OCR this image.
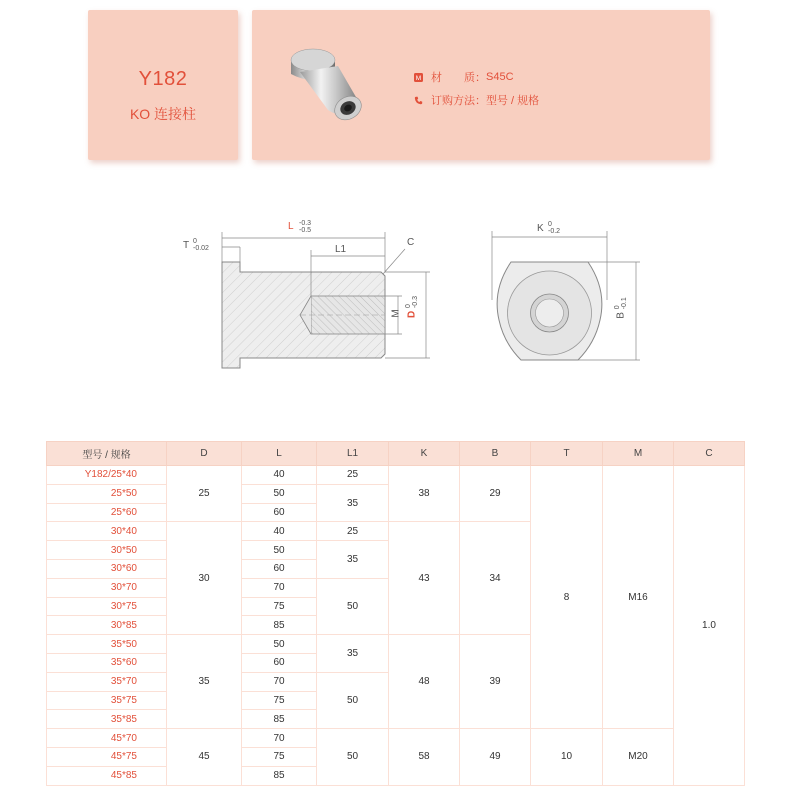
Y182
KO 连接柱
M 材　　质： S45C
订购方法： 型号 / 规格
L -0.3
-0.5
T 0
-0.02	L1
C
M D
0 -0.3
K 0
-0.2
B
0 -0.1
型号 / 规格	D	L	L1	K	B	T	M	C
Y182/25*40	25	40	25	38	29	8	M16	1.0
25*50		50	35					
25*60		60						
30*40	30	40	25	43	34			
30*50		50	35					
30*60		60						
30*70		70	50					
30*75		75						
30*85		85						
35*50	35	50	35	48	39			
35*60		60						
35*70		70	50					
35*75		75						
35*85		85						
45*70	45	70	50	58	49	10	M20	
45*75		75						
45*85		85						
